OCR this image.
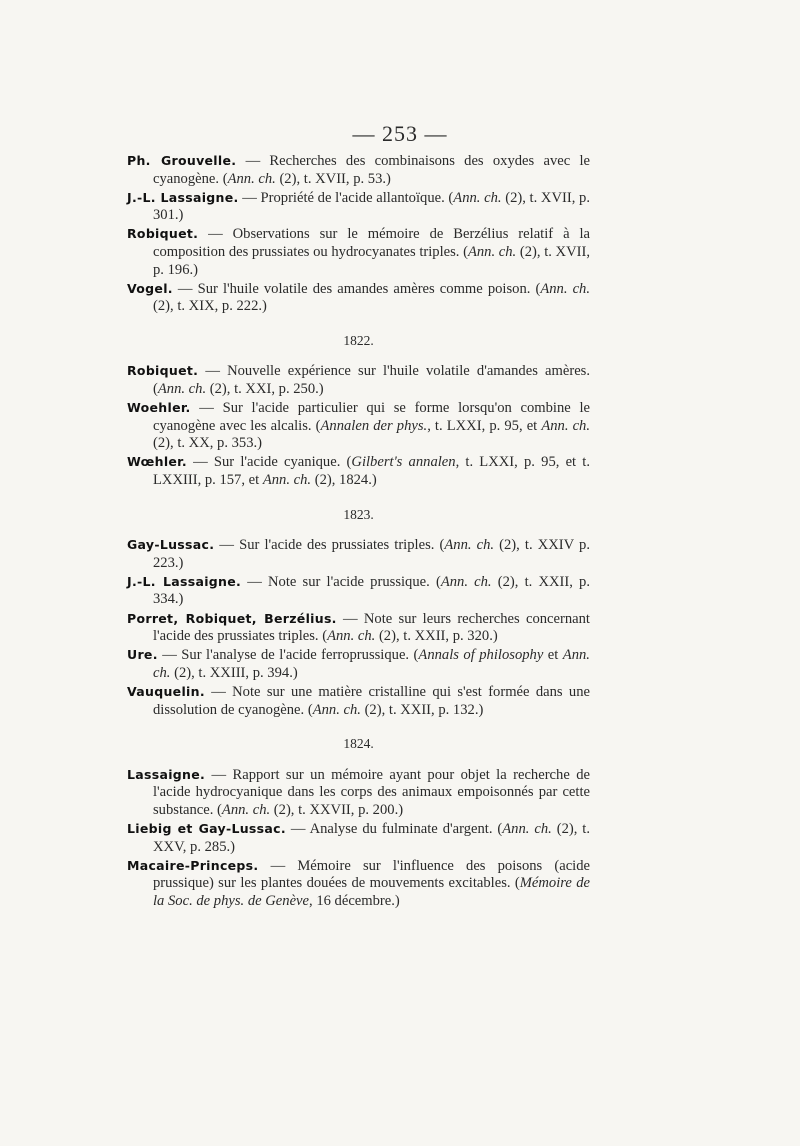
— 253 —
Ph. Grouvelle. — Recherches des combinaisons des oxydes avec le cyanogène. (Ann. ch. (2), t. XVII, p. 53.)
J.-L. Lassaigne. — Propriété de l'acide allantoïque. (Ann. ch. (2), t. XVII, p. 301.)
Robiquet. — Observations sur le mémoire de Berzélius relatif à la composition des prussiates ou hydrocyanates triples. (Ann. ch. (2), t. XVII, p. 196.)
Vogel. — Sur l'huile volatile des amandes amères comme poison. (Ann. ch. (2), t. XIX, p. 222.)
1822.
Robiquet. — Nouvelle expérience sur l'huile volatile d'amandes amères. (Ann. ch. (2), t. XXI, p. 250.)
Woehler. — Sur l'acide particulier qui se forme lorsqu'on combine le cyanogène avec les alcalis. (Annalen der phys., t. LXXI, p. 95, et Ann. ch. (2), t. XX, p. 353.)
Wœhler. — Sur l'acide cyanique. (Gilbert's annalen, t. LXXI, p. 95, et t. LXXIII, p. 157, et Ann. ch. (2), 1824.)
1823.
Gay-Lussac. — Sur l'acide des prussiates triples. (Ann. ch. (2), t. XXIV p. 223.)
J.-L. Lassaigne. — Note sur l'acide prussique. (Ann. ch. (2), t. XXII, p. 334.)
Porret, Robiquet, Berzélius. — Note sur leurs recherches concernant l'acide des prussiates triples. (Ann. ch. (2), t. XXII, p. 320.)
Ure. — Sur l'analyse de l'acide ferroprussique. (Annals of philosophy et Ann. ch. (2), t. XXIII, p. 394.)
Vauquelin. — Note sur une matière cristalline qui s'est formée dans une dissolution de cyanogène. (Ann. ch. (2), t. XXII, p. 132.)
1824.
Lassaigne. — Rapport sur un mémoire ayant pour objet la recherche de l'acide hydrocyanique dans les corps des animaux empoisonnés par cette substance. (Ann. ch. (2), t. XXVII, p. 200.)
Liebig et Gay-Lussac. — Analyse du fulminate d'argent. (Ann. ch. (2), t. XXV, p. 285.)
Macaire-Princeps. — Mémoire sur l'influence des poisons (acide prussique) sur les plantes douées de mouvements excitables. (Mémoire de la Soc. de phys. de Genève, 16 décembre.)
